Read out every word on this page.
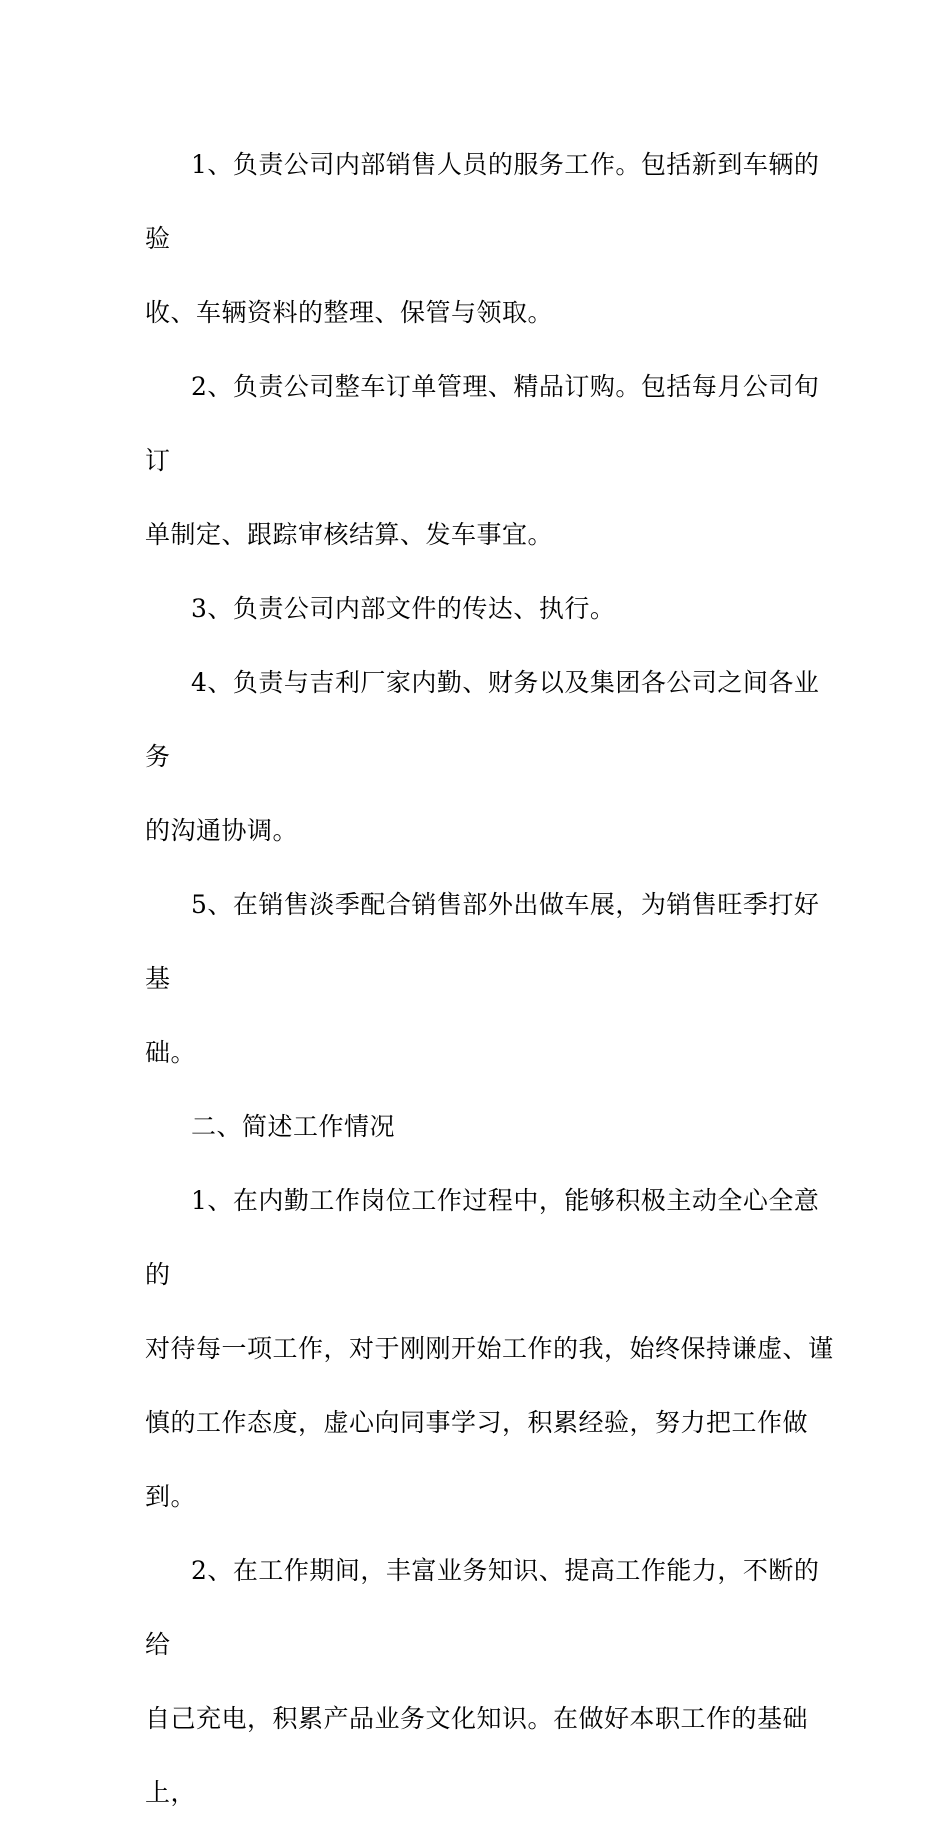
1、负责公司内部销售人员的服务工作。包括新到车辆的验
收、车辆资料的整理、保管与领取。

2、负责公司整车订单管理、精品订购。包括每月公司旬订
单制定、跟踪审核结算、发车事宜。

3、负责公司内部文件的传达、执行。

4、负责与吉利厂家内勤、财务以及集团各公司之间各业务
的沟通协调。

5、在销售淡季配合销售部外出做车展，为销售旺季打好基
础。

二、简述工作情况

1、在内勤工作岗位工作过程中，能够积极主动全心全意的
对待每一项工作，对于刚刚开始工作的我，始终保持谦虚、谨
慎的工作态度，虚心向同事学习，积累经验，努力把工作做到。

2、在工作期间，丰富业务知识、提高工作能力，不断的给
自己充电，积累产品业务文化知识。在做好本职工作的基础上，
